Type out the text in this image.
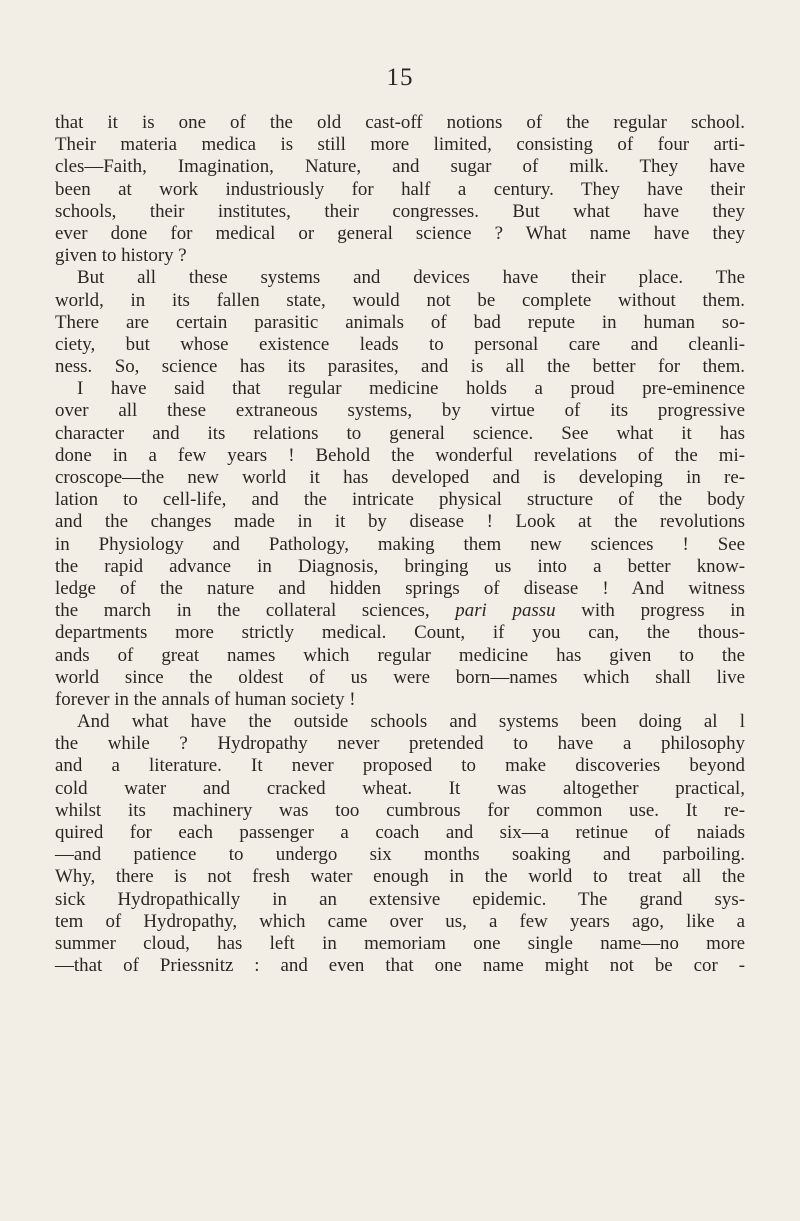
15
that it is one of the old cast-off notions of the regular school.
Their materia medica is still more limited, consisting of four arti-
cles—Faith, Imagination, Nature, and sugar of milk. They have
been at work industriously for half a century. They have their
schools, their institutes, their congresses. But what have they
ever done for medical or general science ? What name have they
given to history ?
But all these systems and devices have their place. The
world, in its fallen state, would not be complete without them.
There are certain parasitic animals of bad repute in human so-
ciety, but whose existence leads to personal care and cleanli-
ness. So, science has its parasites, and is all the better for them.
I have said that regular medicine holds a proud pre-eminence
over all these extraneous systems, by virtue of its progressive
character and its relations to general science. See what it has
done in a few years ! Behold the wonderful revelations of the mi-
croscope—the new world it has developed and is developing in re-
lation to cell-life, and the intricate physical structure of the body
and the changes made in it by disease ! Look at the revolutions
in Physiology and Pathology, making them new sciences ! See
the rapid advance in Diagnosis, bringing us into a better know-
ledge of the nature and hidden springs of disease ! And witness
the march in the collateral sciences, pari passu with progress in
departments more strictly medical. Count, if you can, the thous-
ands of great names which regular medicine has given to the
world since the oldest of us were born—names which shall live
forever in the annals of human society !
And what have the outside schools and systems been doing al l
the while ? Hydropathy never pretended to have a philosophy
and a literature. It never proposed to make discoveries beyond
cold water and cracked wheat. It was altogether practical,
whilst its machinery was too cumbrous for common use. It re-
quired for each passenger a coach and six—a retinue of naiads
—and patience to undergo six months soaking and parboiling.
Why, there is not fresh water enough in the world to treat all the
sick Hydropathically in an extensive epidemic. The grand sys-
tem of Hydropathy, which came over us, a few years ago, like a
summer cloud, has left in memoriam one single name—no more
—that of Priessnitz : and even that one name might not be cor -
